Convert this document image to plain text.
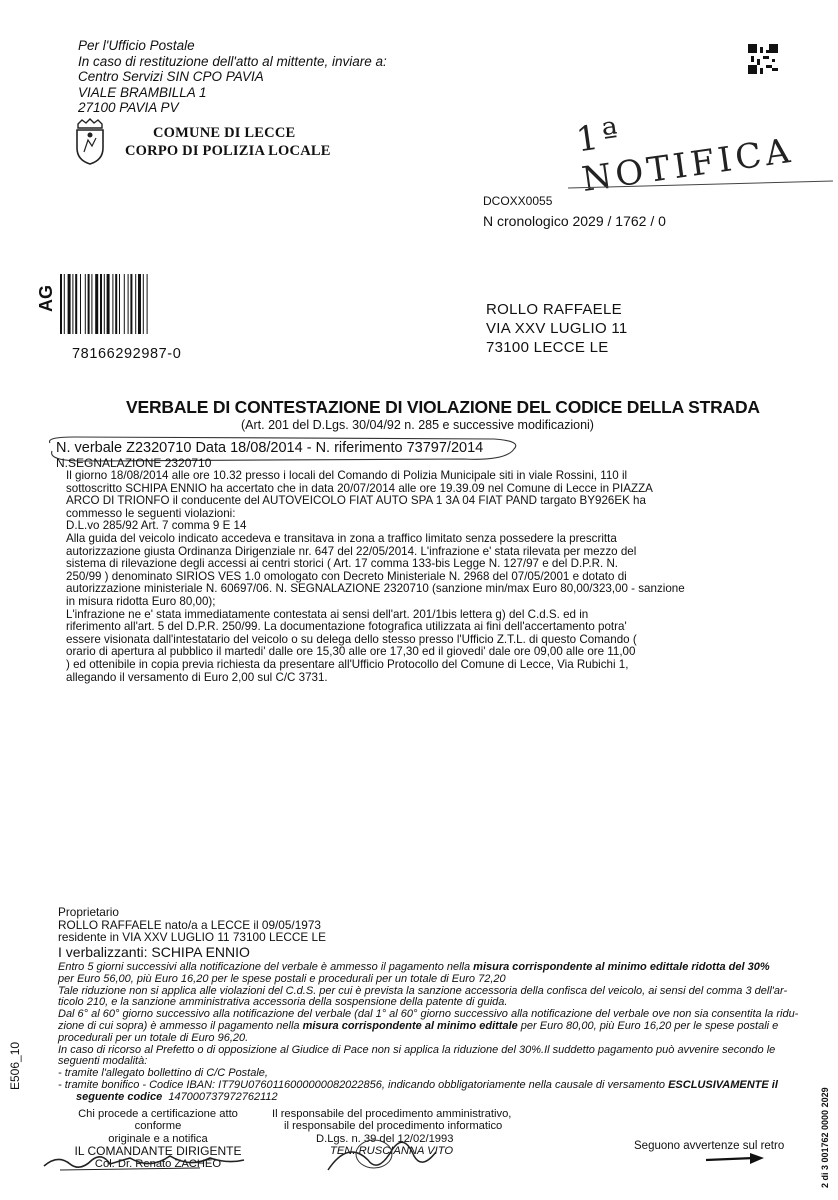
Per l'Ufficio Postale
In caso di restituzione dell'atto al mittente, inviare a:
Centro Servizi SIN CPO PAVIA
VIALE BRAMBILLA 1
27100 PAVIA PV
COMUNE DI LECCE
CORPO DI POLIZIA LOCALE	1ª NOTIFICA
DCOXX0055
N cronologico 2029 / 1762 / 0
AG
78166292987-0
ROLLO RAFFAELE
VIA XXV LUGLIO 11
73100 LECCE LE
VERBALE DI CONTESTAZIONE DI VIOLAZIONE DEL CODICE DELLA STRADA
(Art. 201 del D.Lgs. 30/04/92 n. 285 e successive modificazioni)
N. verbale Z2320710 Data 18/08/2014 - N. riferimento 73797/2014
N.SEGNALAZIONE 2320710
Il giorno 18/08/2014 alle ore 10.32 presso i locali del Comando di Polizia Municipale siti in viale Rossini, 110 il
sottoscritto SCHIPA ENNIO ha accertato che in data 20/07/2014 alle ore 19.39.09 nel Comune di Lecce in PIAZZA
ARCO DI TRIONFO il conducente del AUTOVEICOLO FIAT AUTO SPA 1 3A 04 FIAT PAND targato BY926EK ha
commesso le seguenti violazioni:
D.L.vo 285/92 Art. 7 comma 9 E 14
Alla guida del veicolo indicato accedeva e transitava in zona a traffico limitato senza possedere la prescritta
autorizzazione giusta Ordinanza Dirigenziale nr. 647 del 22/05/2014. L'infrazione e' stata rilevata per mezzo del
sistema di rilevazione degli accessi ai centri storici ( Art. 17 comma 133-bis Legge N. 127/97 e del D.P.R. N.
250/99 ) denominato SIRIOS VES 1.0 omologato con Decreto Ministeriale N. 2968 del 07/05/2001 e dotato di
autorizzazione ministeriale N. 60697/06. N. SEGNALAZIONE 2320710 (sanzione min/max Euro 80,00/323,00 - sanzione
in misura ridotta Euro 80,00);
L'infrazione ne e' stata immediatamente contestata ai sensi dell'art. 201/1bis lettera g) del C.d.S. ed in
riferimento all'art. 5 del D.P.R. 250/99. La documentazione fotografica utilizzata ai fini dell'accertamento potra'
essere visionata dall'intestatario del veicolo o su delega dello stesso presso l'Ufficio Z.T.L. di questo Comando (
orario di apertura al pubblico il martedi' dalle ore 15,30 alle ore 17,30 ed il giovedi' dale ore 09,00 alle ore 11,00
) ed ottenibile in copia previa richiesta da presentare all'Ufficio Protocollo del Comune di Lecce, Via Rubichi 1,
allegando il versamento di Euro 2,00 sul C/C 3731.
Proprietario
ROLLO RAFFAELE nato/a a LECCE il 09/05/1973
residente in VIA XXV LUGLIO 11 73100 LECCE LE
I verbalizzanti: SCHIPA ENNIO
Entro 5 giorni successivi alla notificazione del verbale è ammesso il pagamento nella misura corrispondente al minimo edittale ridotta del 30%
per Euro 56,00, più Euro 16,20 per le spese postali e procedurali per un totale di Euro 72,20
Tale riduzione non si applica alle violazioni del C.d.S. per cui è prevista la sanzione accessoria della confisca del veicolo, ai sensi del comma 3 dell'ar-
ticolo 210, e la sanzione amministrativa accessoria della sospensione della patente di guida.
Dal 6° al 60° giorno successivo alla notificazione del verbale (dal 1° al 60° giorno successivo alla notificazione del verbale ove non sia consentita la ridu-
zione di cui sopra) è ammesso il pagamento nella misura corrispondente al minimo edittale per Euro 80,00, più Euro 16,20 per le spese postali e
procedurali per un totale di Euro 96,20.
In caso di ricorso al Prefetto o di opposizione al Giudice di Pace non si applica la riduzione del 30%.Il suddetto pagamento può avvenire secondo le
seguenti modalità:
- tramite l'allegato bollettino di C/C Postale,
- tramite bonifico - Codice IBAN: IT79U0760116000000082022856, indicando obbligatoriamente nella causale di versamento ESCLUSIVAMENTE il
seguente codice 147000737972762112
Chi procede a certificazione atto conforme
originale e a notifica
IL COMANDANTE DIRIGENTE
Col. Dr. Renato ZACHEO
Il responsabile del procedimento amministrativo,
il responsabile del procedimento informatico
D.Lgs. n. 39 del 12/02/1993
TEN. RUSCIANNA VITO	Seguono avvertenze sul retro
E506_10
2 di 3 001762 0000 2029
